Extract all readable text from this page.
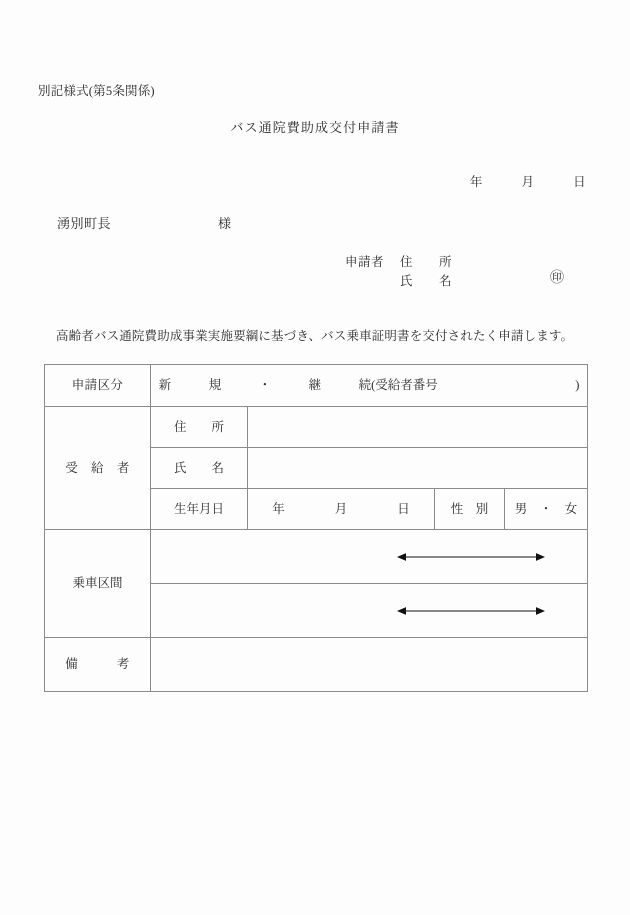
別記様式(第5条関係)
バス通院費助成交付申請書
年　　　月　　　日
湧別町長	様
申請者 住　　所
氏　　名	㊞
高齢者バス通院費助成事業実施要綱に基づき、バス乗車証明書を交付されたく申請します。
申請区分	新　　　規　　　・　　　継　　　続(受給者番号　　　　　　　　　　　)			

受　給　者	住　　所			

	氏　　名			

	生年月日	年　　　　月　　　　日	性　別	男　・　女

乗車区間

備　　　考				
